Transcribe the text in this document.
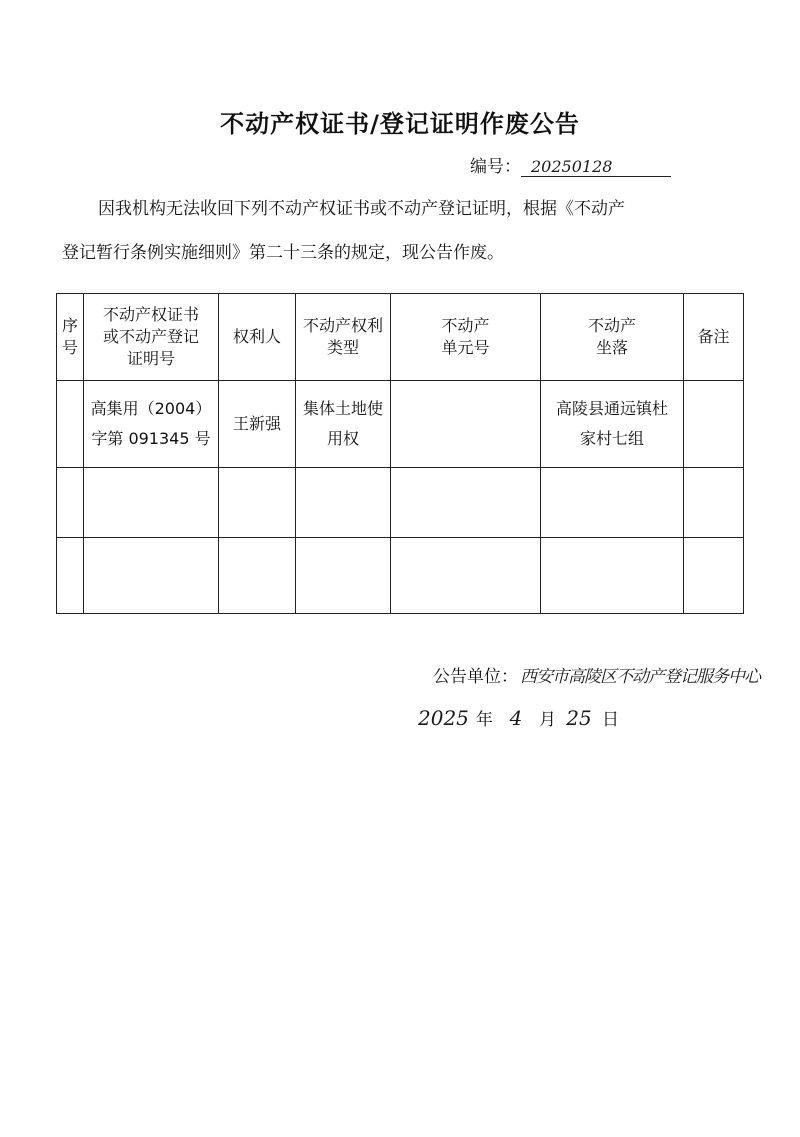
不动产权证书/登记证明作废公告
编号： 20250128
因我机构无法收回下列不动产权证书或不动产登记证明，根据《不动产
登记暂行条例实施细则》第二十三条的规定，现公告作废。
序号	不动产权证书或不动产登记证明号	权利人	不动产权利类型	不动产单元号	不动产坐落	备注
	高集用（2004）字第 091345 号	王新强	集体土地使用权		高陵县通远镇杜家村七组	

公告单位： 西安市高陵区不动产登记服务中心
2025 年 4 月 25 日
